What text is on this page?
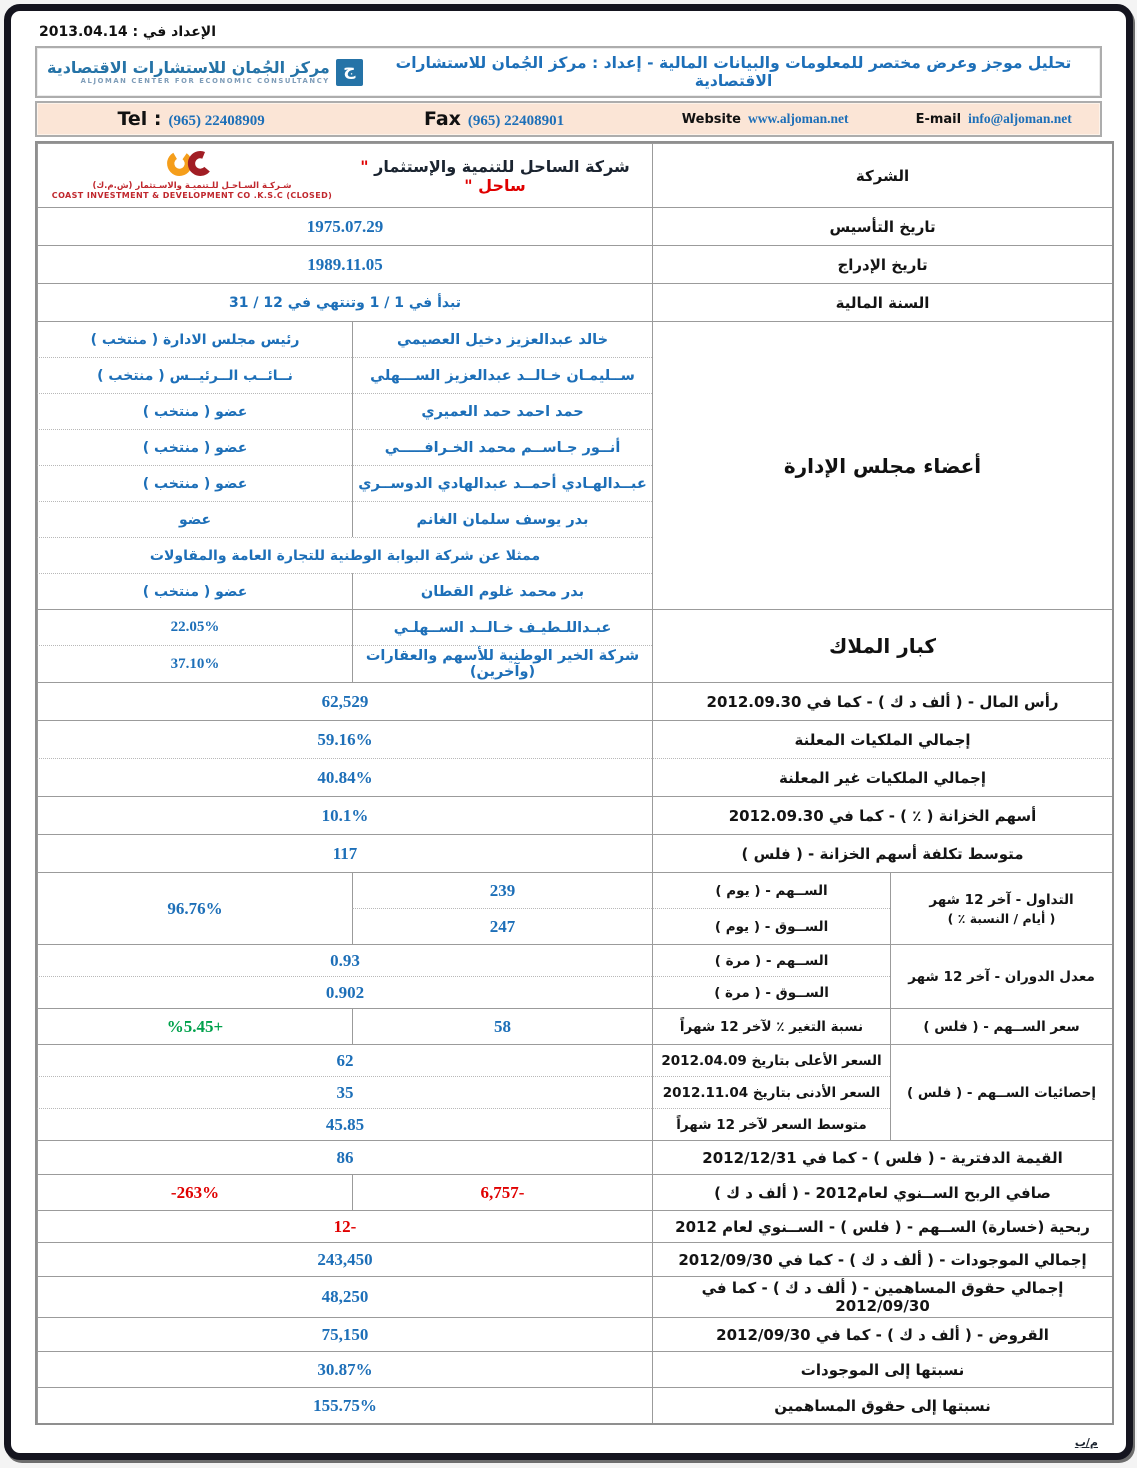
الإعداد في : 2013.04.14
مركز الجُمان للاستشارات الاقتصادية
ALJOMAN CENTER FOR ECONOMIC CONSULTANCY
ج	تحليل موجز وعرض مختصر للمعلومات والبيانات المالية - إعداد : مركز الجُمان للاستشارات الاقتصادية
Tel : (965) 22408909	Fax (965) 22408901	Website www.aljoman.net	E-mail info@aljoman.net
الشركة		شركة الساحل للتنمية والإستثمار " ساحل "
شـركـة السـاحـل للـتنميـة والاسـتثمار (ش.م.ك)
COAST INVESTMENT & DEVELOPMENT CO .K.S.C (CLOSED)	

تاريخ التأسيس		1975.07.29	
تاريخ الإدراج		1989.11.05	
السنة المالية		تبدأ في 1 / 1 وتنتهي في 12 / 31	
أعضاء مجلس الإدارة		خالد عبدالعزيز دخيل العصيمي	رئيس مجلس الادارة ( منتخب )
		ســليمـان خـالــد عبدالعزيز الســـهلي	نــائــب الــرئيــس ( منتخب )
		حمد احمد حمد العميري	عضو ( منتخب )
		أنــور جـاســم محمد الخـرافـــــي	عضو ( منتخب )
		عبــدالهـادي أحمــد عبدالهادي الدوســري	عضو ( منتخب )
		بدر يوسف سلمان الغانم	عضو
		ممثلا عن شركة البوابة الوطنية للتجارة العامة والمقاولات	
		بدر محمد غلوم القطان	عضو ( منتخب )
كبار الملاك		عبـداللـطيـف خـالــد الســهلـي	22.05%
		شركة الخير الوطنية للأسهم والعقارات (وآخرين)	37.10%
رأس المال - ( ألف د ك ) - كما في 2012.09.30		62,529	
إجمالي الملكيات المعلنة		59.16%	
إجمالي الملكيات غير المعلنة		40.84%	
أسهم الخزانة ( ٪ ) - كما في 2012.09.30		10.1%	
متوسط تكلفة أسهم الخزانة - ( فلس )		117	

التداول - آخر 12 شهر
( أيام / النسبة ٪ )	الســهم - ( يوم )	239	96.76%
	الســوق - ( يوم )	247	
معدل الدوران - آخر 12 شهر	الســهم - ( مرة )	0.93	
	الســوق - ( مرة )	0.902	
سعر الســهم - ( فلس )	نسبة التغير ٪ لآخر 12 شهراً	58	%5.45+
إحصائيات الســهم - ( فلس )	السعر الأعلى بتاريخ 2012.04.09	62	
	السعر الأدنى بتاريخ 2012.11.04	35	
	متوسط السعر لآخر 12 شهراً	45.85	
القيمة الدفترية - ( فلس ) - كما في 2012/12/31		86	
صافي الربح الســنوي لعام2012 - ( ألف د ك )		6,757-	-263%
ربحية (خسارة) الســهم - ( فلس ) - الســنوي لعام 2012		12-	
إجمالي الموجودات - ( ألف د ك ) - كما في 2012/09/30		243,450	
إجمالي حقوق المساهمين - ( ألف د ك ) - كما في 2012/09/30		48,250	
القروض - ( ألف د ك ) - كما في 2012/09/30		75,150	
نسبتها إلى الموجودات		30.87%	
نسبتها إلى حقوق المساهمين		155.75%	
م/ب
